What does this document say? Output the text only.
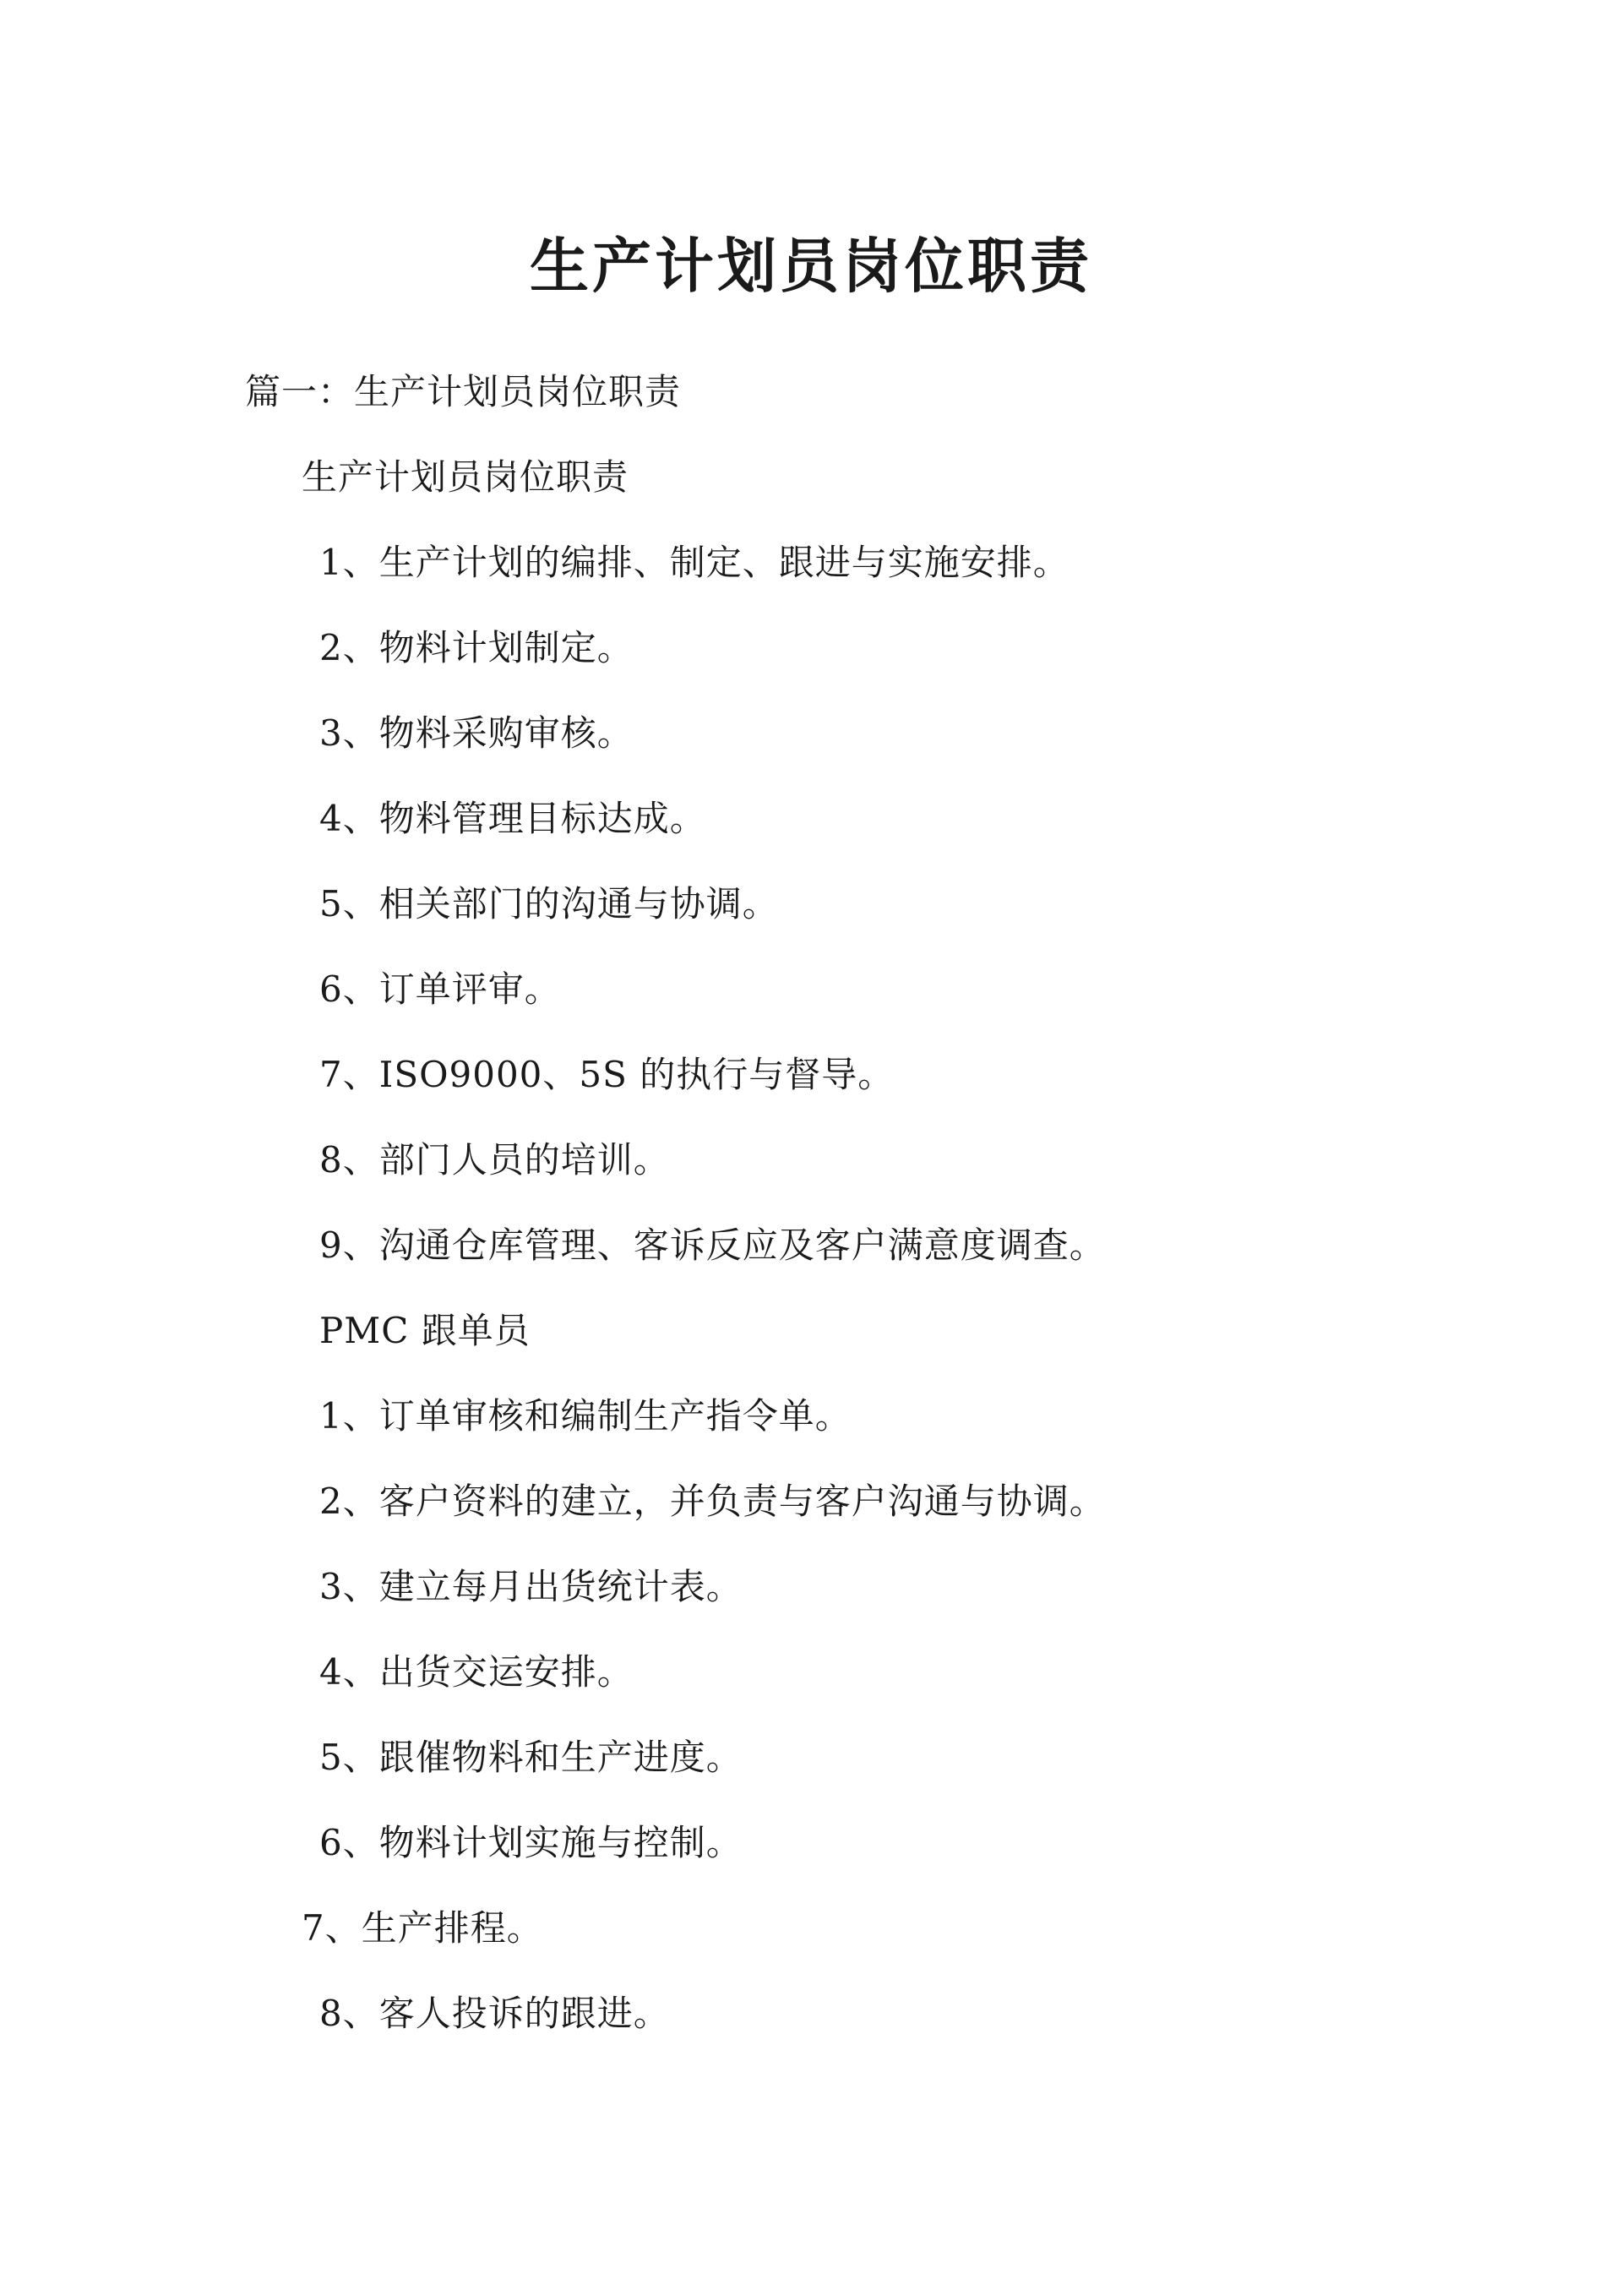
生产计划员岗位职责
篇一：生产计划员岗位职责
生产计划员岗位职责
1、生产计划的编排、制定、跟进与实施安排。
2、物料计划制定。
3、物料采购审核。
4、物料管理目标达成。
5、相关部门的沟通与协调。
6、订单评审。
7、ISO9000、5S 的执行与督导。
8、部门人员的培训。
9、沟通仓库管理、客诉反应及客户满意度调查。
PMC 跟单员
1、订单审核和编制生产指令单。
2、客户资料的建立，并负责与客户沟通与协调。
3、建立每月出货统计表。
4、出货交运安排。
5、跟催物料和生产进度。
6、物料计划实施与控制。
7、生产排程。
8、客人投诉的跟进。
